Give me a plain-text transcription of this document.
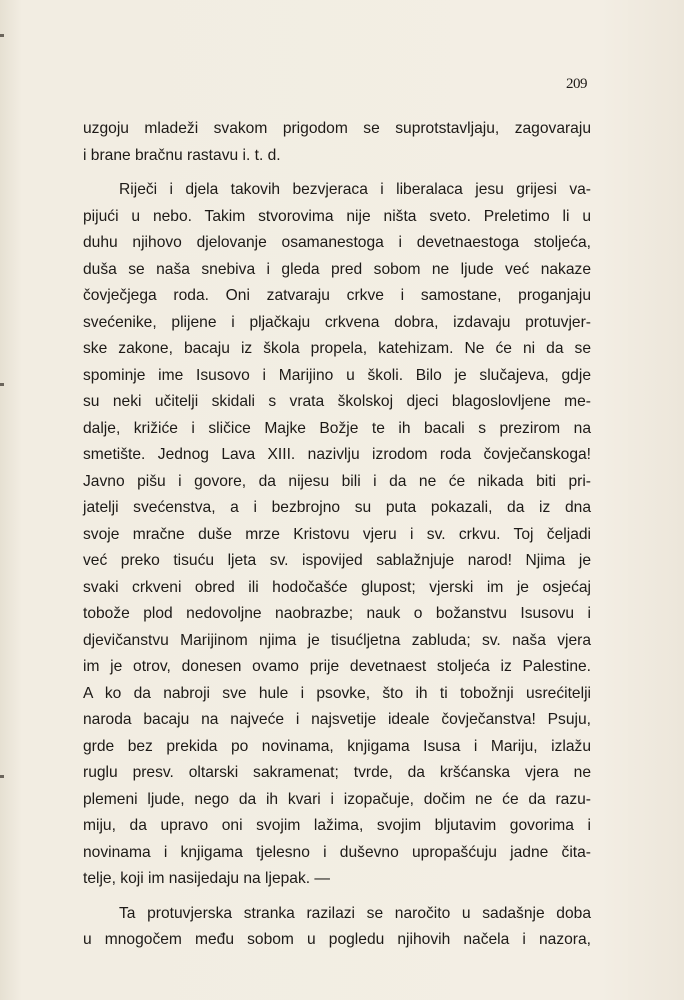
209
uzgoju mladeži svakom prigodom se suprotstavljaju, zagovaraju
i brane bračnu rastavu i. t. d.
Riječi i djela takovih bezvjeraca i liberalaca jesu grijesi va-
pijući u nebo. Takim stvorovima nije ništa sveto. Preletimo li u
duhu njihovo djelovanje osamanestoga i devetnaestoga stoljeća,
duša se naša snebiva i gleda pred sobom ne ljude već nakaze
čovječjega roda. Oni zatvaraju crkve i samostane, proganjaju
svećenike, plijene i pljačkaju crkvena dobra, izdavaju protuvjer-
ske zakone, bacaju iz škola propela, katehizam. Ne će ni da se
spominje ime Isusovo i Marijino u školi. Bilo je slučajeva, gdje
su neki učitelji skidali s vrata školskoj djeci blagoslovljene me-
dalje, križiće i sličice Majke Božje te ih bacali s prezirom na
smetište. Jednog Lava XIII. nazivlju izrodom roda čovječanskoga!
Javno pišu i govore, da nijesu bili i da ne će nikada biti pri-
jatelji svećenstva, a i bezbrojno su puta pokazali, da iz dna
svoje mračne duše mrze Kristovu vjeru i sv. crkvu. Toj čeljadi
već preko tisuću ljeta sv. ispovijed sablažnjuje narod! Njima je
svaki crkveni obred ili hodočašće glupost; vjerski im je osjećaj
tobože plod nedovoljne naobrazbe; nauk o božanstvu Isusovu i
djevičanstvu Marijinom njima je tisućljetna zabluda; sv. naša vjera
im je otrov, donesen ovamo prije devetnaest stoljeća iz Palestine.
A ko da nabroji sve hule i psovke, što ih ti tobožnji usrećitelji
naroda bacaju na najveće i najsvetije ideale čovječanstva! Psuju,
grde bez prekida po novinama, knjigama Isusa i Mariju, izlažu
ruglu presv. oltarski sakramenat; tvrde, da kršćanska vjera ne
plemeni ljude, nego da ih kvari i izopačuje, dočim ne će da razu-
miju, da upravo oni svojim lažima, svojim bljutavim govorima i
novinama i knjigama tjelesno i duševno upropašćuju jadne čita-
telje, koji im nasijedaju na ljepak. —
Ta protuvjerska stranka razilazi se naročito u sadašnje doba
u mnogočem među sobom u pogledu njihovih načela i nazora,
